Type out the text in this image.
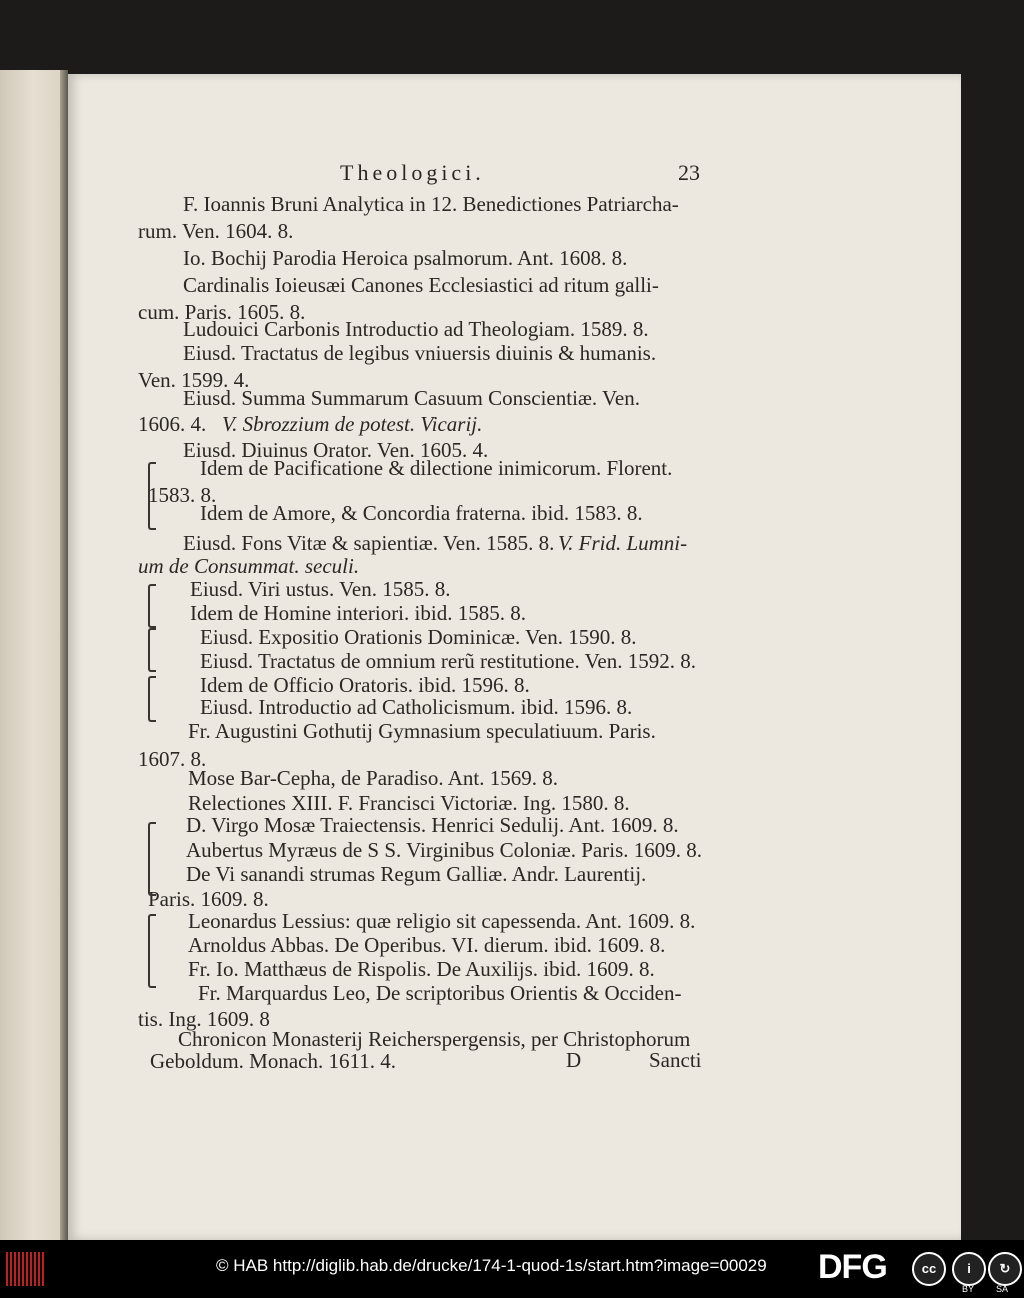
Theologici.	23
F. Ioannis Bruni Analytica in 12. Benedictiones Patriarcha-
rum. Ven. 1604. 8.
Io. Bochij Parodia Heroica psalmorum. Ant. 1608. 8.
Cardinalis Ioieusæi Canones Ecclesiastici ad ritum galli-
cum. Paris. 1605. 8.
Ludouici Carbonis Introductio ad Theologiam. 1589. 8.
Eiusd. Tractatus de legibus vniuersis diuinis & humanis.
Ven. 1599. 4.
Eiusd. Summa Summarum Casuum Conscientiæ. Ven.
1606. 4. V. Sbrozzium de potest. Vicarij.
Eiusd. Diuinus Orator. Ven. 1605. 4.
Idem de Pacificatione & dilectione inimicorum. Florent.
1583. 8.
Idem de Amore, & Concordia fraterna. ibid. 1583. 8.
Eiusd. Fons Vitæ & sapientiæ. Ven. 1585. 8. V. Frid. Lumni-
um de Consummat. seculi.
Eiusd. Viri ustus. Ven. 1585. 8.
Idem de Homine interiori. ibid. 1585. 8.
Eiusd. Expositio Orationis Dominicæ. Ven. 1590. 8.
Eiusd. Tractatus de omnium rerũ restitutione. Ven. 1592. 8.
Idem de Officio Oratoris. ibid. 1596. 8.
Eiusd. Introductio ad Catholicismum. ibid. 1596. 8.
Fr. Augustini Gothutij Gymnasium speculatiuum. Paris.
1607. 8.
Mose Bar-Cepha, de Paradiso. Ant. 1569. 8.
Relectiones XIII. F. Francisci Victoriæ. Ing. 1580. 8.
D. Virgo Mosæ Traiectensis. Henrici Sedulij. Ant. 1609. 8.
Aubertus Myræus de S S. Virginibus Coloniæ. Paris. 1609. 8.
De Vi sanandi strumas Regum Galliæ. Andr. Laurentij.
Paris. 1609. 8.
Leonardus Lessius: quæ religio sit capessenda. Ant. 1609. 8.
Arnoldus Abbas. De Operibus. VI. dierum. ibid. 1609. 8.
Fr. Io. Matthæus de Rispolis. De Auxilijs. ibid. 1609. 8.
Fr. Marquardus Leo, De scriptoribus Orientis & Occiden-
tis. Ing. 1609. 8
Chronicon Monasterij Reicherspergensis, per Christophorum
Geboldum. Monach. 1611. 4.	D	Sancti
© HAB http://diglib.hab.de/drucke/174-1-quod-1s/start.htm?image=00029 DFG	cc	i	↻
BY SA
